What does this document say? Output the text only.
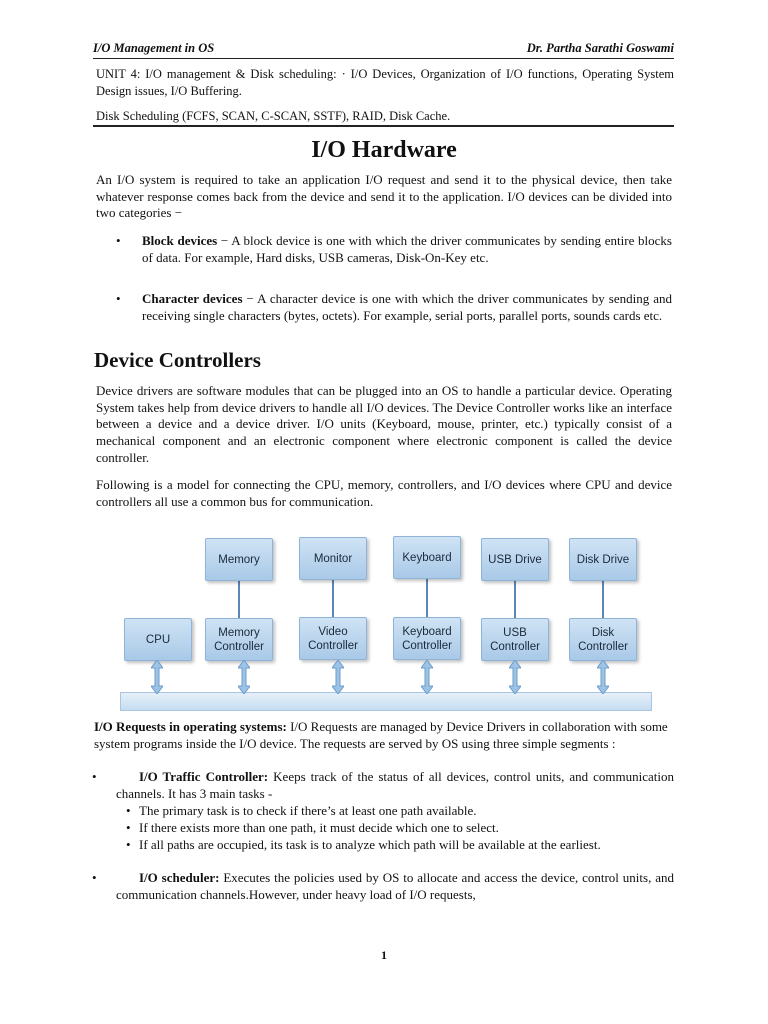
I/O Management in OS	Dr. Partha Sarathi Goswami
UNIT 4: I/O management & Disk scheduling: · I/O Devices, Organization of I/O functions, Operating System Design issues, I/O Buffering.
Disk Scheduling (FCFS, SCAN, C-SCAN, SSTF), RAID, Disk Cache.
I/O Hardware
An I/O system is required to take an application I/O request and send it to the physical device, then take whatever response comes back from the device and send it to the application. I/O devices can be divided into two categories −
•	Block devices − A block device is one with which the driver communicates by sending entire blocks of data. For example, Hard disks, USB cameras, Disk-On-Key etc.
•	Character devices − A character device is one with which the driver communicates by sending and receiving single characters (bytes, octets). For example, serial ports, parallel ports, sounds cards etc.
Device Controllers
Device drivers are software modules that can be plugged into an OS to handle a particular device. Operating System takes help from device drivers to handle all I/O devices. The Device Controller works like an interface between a device and a device driver. I/O units (Keyboard, mouse, printer, etc.) typically consist of a mechanical component and an electronic component where electronic component is called the device controller.
Following is a model for connecting the CPU, memory, controllers, and I/O devices where CPU and device controllers all use a common bus for communication.
Memory	Monitor	Keyboard	USB Drive	Disk Drive
CPU
Memory Controller
Video Controller
Keyboard Controller
USB Controller
Disk Controller
I/O Requests in operating systems: I/O Requests are managed by Device Drivers in collaboration with some system programs inside the I/O device. The requests are served by OS using three simple segments :
•	I/O Traffic Controller: Keeps track of the status of all devices, control units, and communication channels. It has 3 main tasks -
• The primary task is to check if there’s at least one path available.
• If there exists more than one path, it must decide which one to select.
• If all paths are occupied, its task is to analyze which path will be available at the earliest.
•	I/O scheduler: Executes the policies used by OS to allocate and access the device, control units, and communication channels.However, under heavy load of I/O requests,
1
